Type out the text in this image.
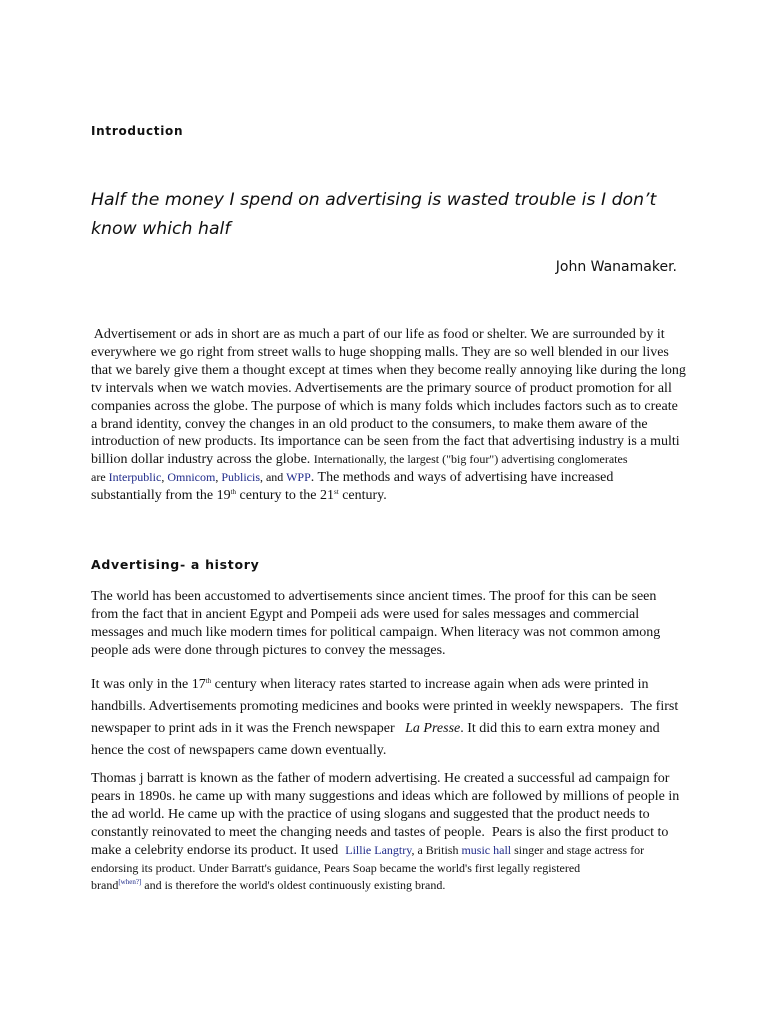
Introduction
Half the money I spend on advertising is wasted trouble is I don’t
know which half
John Wanamaker.

Advertisement or ads in short are as much a part of our life as food or shelter. We are surrounded by it
everywhere we go right from street walls to huge shopping malls. They are so well blended in our lives
that we barely give them a thought except at times when they become really annoying like during the long
tv intervals when we watch movies. Advertisements are the primary source of product promotion for all
companies across the globe. The purpose of which is many folds which includes factors such as to create
a brand identity, convey the changes in an old product to the consumers, to make them aware of the
introduction of new products. Its importance can be seen from the fact that advertising industry is a multi
billion dollar industry across the globe. Internationally, the largest ("big four") advertising conglomerates
are Interpublic, Omnicom, Publicis, and WPP. The methods and ways of advertising have increased
substantially from the 19th century to the 21st century.

Advertising- a history

The world has been accustomed to advertisements since ancient times. The proof for this can be seen
from the fact that in ancient Egypt and Pompeii ads were used for sales messages and commercial
messages and much like modern times for political campaign. When literacy was not common among
people ads were done through pictures to convey the messages.

It was only in the 17th century when literacy rates started to increase again when ads were printed in
handbills. Advertisements promoting medicines and books were printed in weekly newspapers.  The first
newspaper to print ads in it was the French newspaper   La Presse. It did this to earn extra money and
hence the cost of newspapers came down eventually.

Thomas j barratt is known as the father of modern advertising. He created a successful ad campaign for
pears in 1890s. he came up with many suggestions and ideas which are followed by millions of people in
the ad world. He came up with the practice of using slogans and suggested that the product needs to
constantly reinovated to meet the changing needs and tastes of people.  Pears is also the first product to
make a celebrity endorse its product. It used  Lillie Langtry, a British music hall singer and stage actress for
endorsing its product. Under Barratt's guidance, Pears Soap became the world's first legally registered
brand[when?] and is therefore the world's oldest continuously existing brand.
